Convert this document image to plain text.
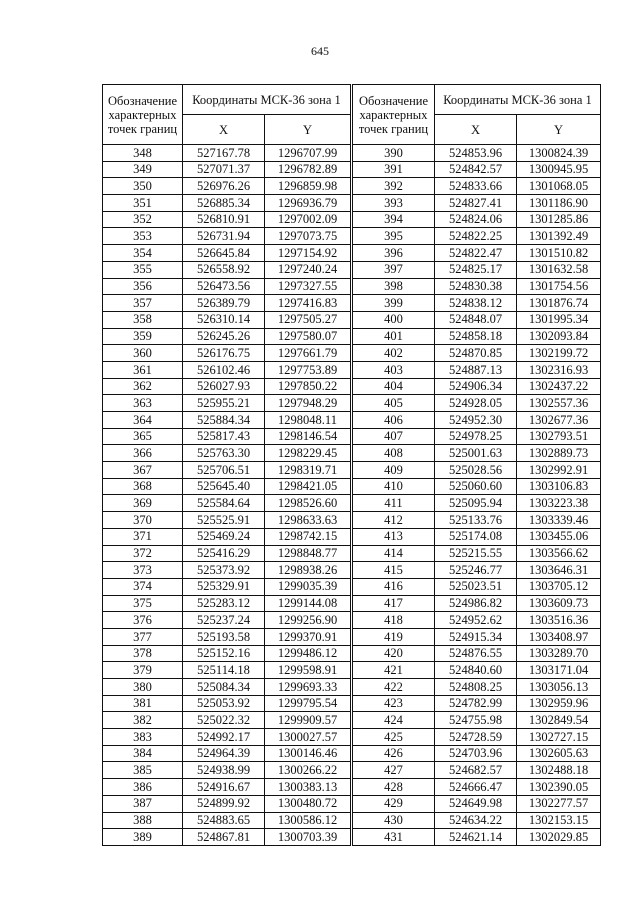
645
Обозначение характерных точек границ	Координаты МСК-36 зона 1	
	X	Y
348	527167.78	1296707.99
349	527071.37	1296782.89
350	526976.26	1296859.98
351	526885.34	1296936.79
352	526810.91	1297002.09
353	526731.94	1297073.75
354	526645.84	1297154.92
355	526558.92	1297240.24
356	526473.56	1297327.55
357	526389.79	1297416.83
358	526310.14	1297505.27
359	526245.26	1297580.07
360	526176.75	1297661.79
361	526102.46	1297753.89
362	526027.93	1297850.22
363	525955.21	1297948.29
364	525884.34	1298048.11
365	525817.43	1298146.54
366	525763.30	1298229.45
367	525706.51	1298319.71
368	525645.40	1298421.05
369	525584.64	1298526.60
370	525525.91	1298633.63
371	525469.24	1298742.15
372	525416.29	1298848.77
373	525373.92	1298938.26
374	525329.91	1299035.39
375	525283.12	1299144.08
376	525237.24	1299256.90
377	525193.58	1299370.91
378	525152.16	1299486.12
379	525114.18	1299598.91
380	525084.34	1299693.33
381	525053.92	1299795.54
382	525022.32	1299909.57
383	524992.17	1300027.57
384	524964.39	1300146.46
385	524938.99	1300266.22
386	524916.67	1300383.13
387	524899.92	1300480.72
388	524883.65	1300586.12
389	524867.81	1300703.39
Обозначение характерных точек границ	Координаты МСК-36 зона 1	
	X	Y
390	524853.96	1300824.39
391	524842.57	1300945.95
392	524833.66	1301068.05
393	524827.41	1301186.90
394	524824.06	1301285.86
395	524822.25	1301392.49
396	524822.47	1301510.82
397	524825.17	1301632.58
398	524830.38	1301754.56
399	524838.12	1301876.74
400	524848.07	1301995.34
401	524858.18	1302093.84
402	524870.85	1302199.72
403	524887.13	1302316.93
404	524906.34	1302437.22
405	524928.05	1302557.36
406	524952.30	1302677.36
407	524978.25	1302793.51
408	525001.63	1302889.73
409	525028.56	1302992.91
410	525060.60	1303106.83
411	525095.94	1303223.38
412	525133.76	1303339.46
413	525174.08	1303455.06
414	525215.55	1303566.62
415	525246.77	1303646.31
416	525023.51	1303705.12
417	524986.82	1303609.73
418	524952.62	1303516.36
419	524915.34	1303408.97
420	524876.55	1303289.70
421	524840.60	1303171.04
422	524808.25	1303056.13
423	524782.99	1302959.96
424	524755.98	1302849.54
425	524728.59	1302727.15
426	524703.96	1302605.63
427	524682.57	1302488.18
428	524666.47	1302390.05
429	524649.98	1302277.57
430	524634.22	1302153.15
431	524621.14	1302029.85
